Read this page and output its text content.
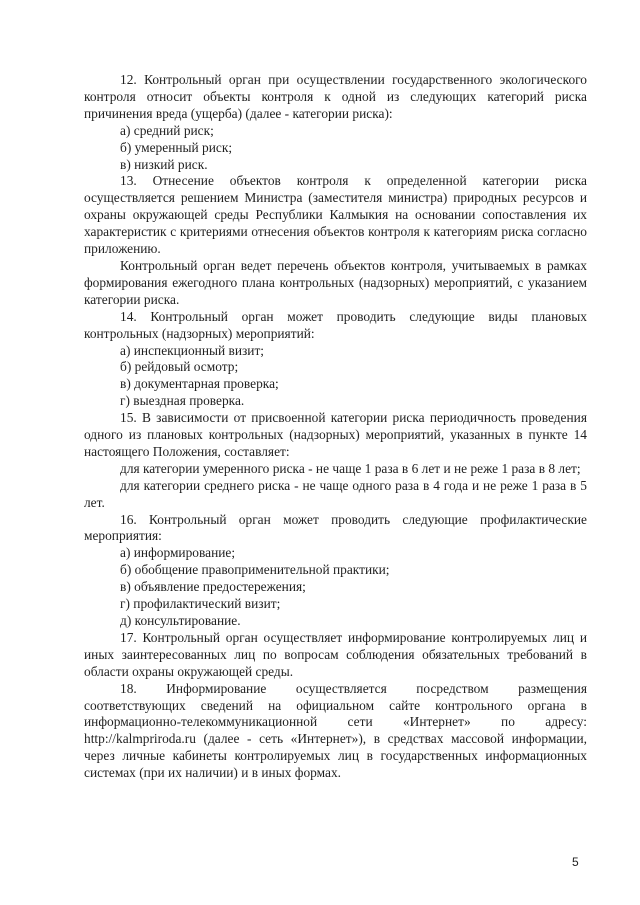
12. Контрольный орган при осуществлении государственного экологического контроля относит объекты контроля к одной из следующих категорий риска причинения вреда (ущерба) (далее - категории риска):

а) средний риск;

б) умеренный риск;

в) низкий риск.

13. Отнесение объектов контроля к определенной категории риска осуществляется решением Министра (заместителя министра) природных ресурсов и охраны окружающей среды Республики Калмыкия на основании сопоставления их характеристик с критериями отнесения объектов контроля к категориям риска согласно приложению.

Контрольный орган ведет перечень объектов контроля, учитываемых в рамках формирования ежегодного плана контрольных (надзорных) мероприятий, с указанием категории риска.

14. Контрольный орган может проводить следующие виды плановых контрольных (надзорных) мероприятий:

а) инспекционный визит;

б) рейдовый осмотр;

в) документарная проверка;

г) выездная проверка.

15. В зависимости от присвоенной категории риска периодичность проведения одного из плановых контрольных (надзорных) мероприятий, указанных в пункте 14 настоящего Положения, составляет:

для категории умеренного риска - не чаще 1 раза в 6 лет и не реже 1 раза в 8 лет;

для категории среднего риска - не чаще одного раза в 4 года и не реже 1 раза в 5 лет.

16. Контрольный орган может проводить следующие профилактические мероприятия:

а) информирование;

б) обобщение правоприменительной практики;

в) объявление предостережения;

г) профилактический визит;

д) консультирование.

17. Контрольный орган осуществляет информирование контролируемых лиц и иных заинтересованных лиц по вопросам соблюдения обязательных требований в области охраны окружающей среды.

18. Информирование осуществляется посредством размещения соответствующих сведений на официальном сайте контрольного органа в информационно-телекоммуникационной сети «Интернет» по адресу: http://kalmpriroda.ru (далее - сеть «Интернет»), в средствах массовой информации, через личные кабинеты контролируемых лиц в государственных информационных системах (при их наличии) и в иных формах.

5
